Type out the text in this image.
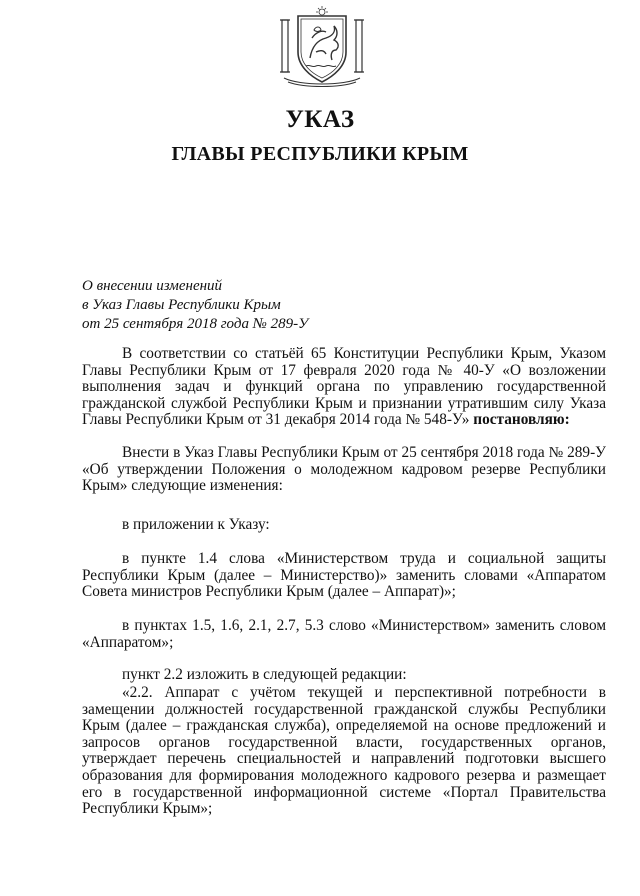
УКАЗ
ГЛАВЫ РЕСПУБЛИКИ КРЫМ
О внесении изменений
в Указ Главы Республики Крым
от 25 сентября 2018 года № 289-У

В соответствии со статьёй 65 Конституции Республики Крым, Указом Главы Республики Крым от 17 февраля 2020 года № 40-У «О возложении выполнения задач и функций органа по управлению государственной гражданской службой Республики Крым и признании утратившим силу Указа Главы Республики Крым от 31 декабря 2014 года № 548-У» постановляю:

Внести в Указ Главы Республики Крым от 25 сентября 2018 года № 289-У «Об утверждении Положения о молодежном кадровом резерве Республики Крым» следующие изменения:

в приложении к Указу:

в пункте 1.4 слова «Министерством труда и социальной защиты Республики Крым (далее – Министерство)» заменить словами «Аппаратом Совета министров Республики Крым (далее – Аппарат)»;

в пунктах 1.5, 1.6, 2.1, 2.7, 5.3 слово «Министерством» заменить словом «Аппаратом»;

пункт 2.2 изложить в следующей редакции:

«2.2. Аппарат с учётом текущей и перспективной потребности в замещении должностей государственной гражданской службы Республики Крым (далее – гражданская служба), определяемой на основе предложений и запросов органов государственной власти, государственных органов, утверждает перечень специальностей и направлений подготовки высшего образования для формирования молодежного кадрового резерва и размещает его в государственной информационной системе «Портал Правительства Республики Крым»;
